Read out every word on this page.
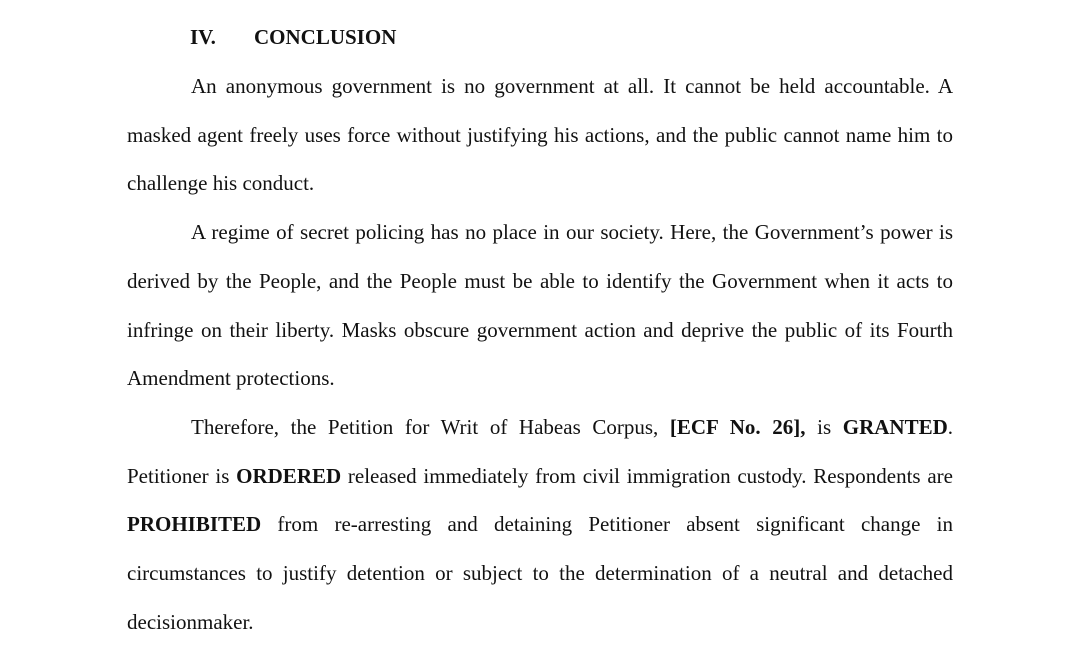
IV. CONCLUSION

An anonymous government is no government at all. It cannot be held accountable. A masked agent freely uses force without justifying his actions, and the public cannot name him to challenge his conduct.

A regime of secret policing has no place in our society. Here, the Government’s power is derived by the People, and the People must be able to identify the Government when it acts to infringe on their liberty. Masks obscure government action and deprive the public of its Fourth Amendment protections.

Therefore, the Petition for Writ of Habeas Corpus, [ECF No. 26], is GRANTED. Petitioner is ORDERED released immediately from civil immigration custody. Respondents are PROHIBITED from re-arresting and detaining Petitioner absent significant change in circumstances to justify detention or subject to the determination of a neutral and detached decisionmaker.
